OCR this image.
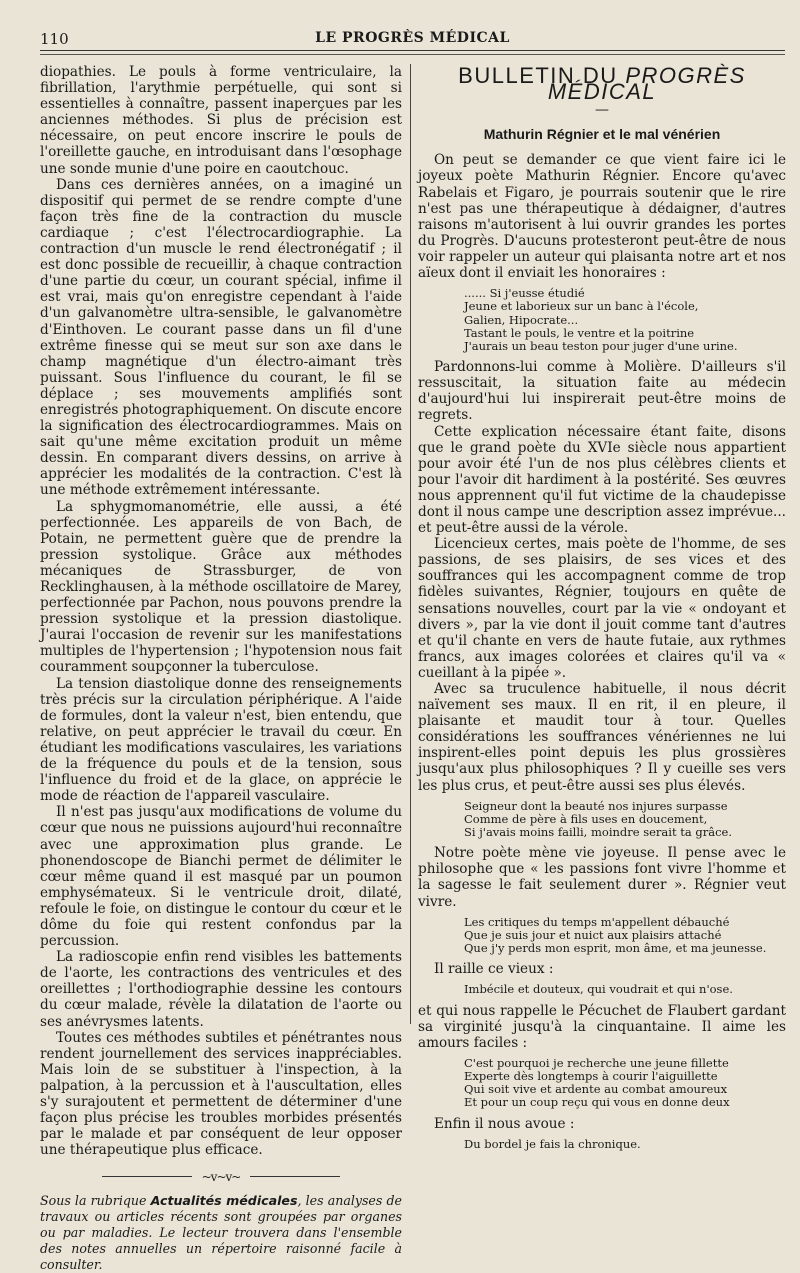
110	LE PROGRÈS MÉDICAL

diopathies. Le pouls à forme ventriculaire, la fibrillation, l'arythmie perpétuelle, qui sont si essentielles à connaître, passent inaperçues par les anciennes méthodes. Si plus de précision est nécessaire, on peut encore inscrire le pouls de l'oreillette gauche, en introduisant dans l'œsophage une sonde munie d'une poire en caoutchouc.

Dans ces dernières années, on a imaginé un dispositif qui permet de se rendre compte d'une façon très fine de la contraction du muscle cardiaque ; c'est l'électrocardiographie. La contraction d'un muscle le rend électronégatif ; il est donc possible de recueillir, à chaque contraction d'une partie du cœur, un courant spécial, infime il est vrai, mais qu'on enregistre cependant à l'aide d'un galvanomètre ultra-sensible, le galvanomètre d'Einthoven. Le courant passe dans un fil d'une extrême finesse qui se meut sur son axe dans le champ magnétique d'un électro-aimant très puissant. Sous l'influence du courant, le fil se déplace ; ses mouvements amplifiés sont enregistrés photographiquement. On discute encore la signification des électrocardiogrammes. Mais on sait qu'une même excitation produit un même dessin. En comparant divers dessins, on arrive à apprécier les modalités de la contraction. C'est là une méthode extrêmement intéressante.

La sphygmomanométrie, elle aussi, a été perfectionnée. Les appareils de von Bach, de Potain, ne permettent guère que de prendre la pression systolique. Grâce aux méthodes mécaniques de Strassburger, de von Recklinghausen, à la méthode oscillatoire de Marey, perfectionnée par Pachon, nous pouvons prendre la pression systolique et la pression diastolique. J'aurai l'occasion de revenir sur les manifestations multiples de l'hypertension ; l'hypotension nous fait couramment soupçonner la tuberculose.

La tension diastolique donne des renseignements très précis sur la circulation périphérique. A l'aide de formules, dont la valeur n'est, bien entendu, que relative, on peut apprécier le travail du cœur. En étudiant les modifications vasculaires, les variations de la fréquence du pouls et de la tension, sous l'influence du froid et de la glace, on apprécie le mode de réaction de l'appareil vasculaire.

Il n'est pas jusqu'aux modifications de volume du cœur que nous ne puissions aujourd'hui reconnaître avec une approximation plus grande. Le phonendoscope de Bianchi permet de délimiter le cœur même quand il est masqué par un poumon emphysémateux. Si le ventricule droit, dilaté, refoule le foie, on distingue le contour du cœur et le dôme du foie qui restent confondus par la percussion.

La radioscopie enfin rend visibles les battements de l'aorte, les contractions des ventricules et des oreillettes ; l'orthodiographie dessine les contours du cœur malade, révèle la dilatation de l'aorte ou ses anévrysmes latents.

Toutes ces méthodes subtiles et pénétrantes nous rendent journellement des services inappréciables. Mais loin de se substituer à l'inspection, à la palpation, à la percussion et à l'auscultation, elles s'y surajoutent et permettent de déterminer d'une façon plus précise les troubles morbides présentés par le malade et par conséquent de leur opposer une thérapeutique plus efficace.

~v~v~

Sous la rubrique Actualités médicales, les analyses de travaux ou articles récents sont groupées par organes ou par maladies. Le lecteur trouvera dans l'ensemble des notes annuelles un répertoire raisonné facile à consulter.

BULLETIN DU PROGRÈS MÉDICAL
—
Mathurin Régnier et le mal vénérien

On peut se demander ce que vient faire ici le joyeux poète Mathurin Régnier. Encore qu'avec Rabelais et Figaro, je pourrais soutenir que le rire n'est pas une thérapeutique à dédaigner, d'autres raisons m'autorisent à lui ouvrir grandes les portes du Progrès. D'aucuns protesteront peut-être de nous voir rappeler un auteur qui plaisanta notre art et nos aïeux dont il enviait les honoraires :

...... Si j'eusse étudié
Jeune et laborieux sur un banc à l'école,
Galien, Hipocrate...
Tastant le pouls, le ventre et la poitrine
J'aurais un beau teston pour juger d'une urine.

Pardonnons-lui comme à Molière. D'ailleurs s'il ressuscitait, la situation faite au médecin d'aujourd'hui lui inspirerait peut-être moins de regrets.

Cette explication nécessaire étant faite, disons que le grand poète du XVIe siècle nous appartient pour avoir été l'un de nos plus célèbres clients et pour l'avoir dit hardiment à la postérité. Ses œuvres nous apprennent qu'il fut victime de la chaudepisse dont il nous campe une description assez imprévue... et peut-être aussi de la vérole.

Licencieux certes, mais poète de l'homme, de ses passions, de ses plaisirs, de ses vices et des souffrances qui les accompagnent comme de trop fidèles suivantes, Régnier, toujours en quête de sensations nouvelles, court par la vie « ondoyant et divers », par la vie dont il jouit comme tant d'autres et qu'il chante en vers de haute futaie, aux rythmes francs, aux images colorées et claires qu'il va « cueillant à la pipée ».

Avec sa truculence habituelle, il nous décrit naïvement ses maux. Il en rit, il en pleure, il plaisante et maudit tour à tour. Quelles considérations les souffrances vénériennes ne lui inspirent-elles point depuis les plus grossières jusqu'aux plus philosophiques ? Il y cueille ses vers les plus crus, et peut-être aussi ses plus élevés.

Seigneur dont la beauté nos injures surpasse
Comme de père à fils uses en doucement,
Si j'avais moins failli, moindre serait ta grâce.

Notre poète mène vie joyeuse. Il pense avec le philosophe que « les passions font vivre l'homme et la sagesse le fait seulement durer ». Régnier veut vivre.

Les critiques du temps m'appellent débauché
Que je suis jour et nuict aux plaisirs attaché
Que j'y perds mon esprit, mon âme, et ma jeunesse.

Il raille ce vieux :

Imbécile et douteux, qui voudrait et qui n'ose.

et qui nous rappelle le Pécuchet de Flaubert gardant sa virginité jusqu'à la cinquantaine. Il aime les amours faciles :

C'est pourquoi je recherche une jeune fillette
Experte dès longtemps à courir l'aiguillette
Qui soit vive et ardente au combat amoureux
Et pour un coup reçu qui vous en donne deux

Enfin il nous avoue :

Du bordel je fais la chronique.
